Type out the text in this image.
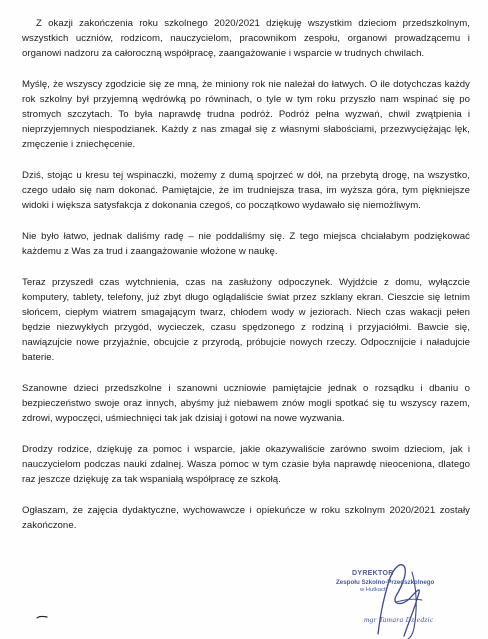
Z okazji zakończenia roku szkolnego 2020/2021 dziękuję wszystkim dzieciom przedszkolnym, wszystkich uczniów, rodzicom, nauczycielom, pracownikom zespołu, organowi prowadzącemu i organowi nadzoru za całoroczną współpracę, zaangażowanie i wsparcie w trudnych chwilach.

Myślę, że wszyscy zgodzicie się ze mną, że miniony rok nie należał do łatwych. O ile dotychczas każdy rok szkolny był przyjemną wędrówką po równinach, o tyle w tym roku przyszło nam wspinać się po stromych szczytach. To była naprawdę trudna podróż. Podróż pełna wyzwań, chwil zwątpienia i nieprzyjemnych niespodzianek. Każdy z nas zmagał się z własnymi słabościami, przezwyciężając lęk, zmęczenie i zniechęcenie.

Dziś, stojąc u kresu tej wspinaczki, możemy z dumą spojrzeć w dół, na przebytą drogę, na wszystko, czego udało się nam dokonać. Pamiętajcie, że im trudniejsza trasa, im wyższa góra, tym piękniejsze widoki i większa satysfakcja z dokonania czegoś, co początkowo wydawało się niemożliwym.

Nie było łatwo, jednak daliśmy radę – nie poddaliśmy się. Z tego miejsca chciałabym podziękować każdemu z Was za trud i zaangażowanie włożone w naukę.

Teraz przyszedł czas wytchnienia, czas na zasłużony odpoczynek. Wyjdźcie z domu, wyłączcie komputery, tablety, telefony, już zbyt długo oglądaliście świat przez szklany ekran. Cieszcie się letnim słońcem, ciepłym wiatrem smagającym twarz, chłodem wody w jeziorach. Niech czas wakacji pełen będzie niezwykłych przygód, wycieczek, czasu spędzonego z rodziną i przyjaciółmi. Bawcie się, nawiązujcie nowe przyjaźnie, obcujcie z przyrodą, próbujcie nowych rzeczy. Odpocznijcie i naładujcie baterie.

Szanowne dzieci przedszkolne i szanowni uczniowie pamiętajcie jednak o rozsądku i dbaniu o bezpieczeństwo swoje oraz innych, abyśmy już niebawem znów mogli spotkać się tu wszyscy razem, zdrowi, wypoczęci, uśmiechnięci tak jak dzisiaj i gotowi na nowe wyzwania.

Drodzy rodzice, dziękuję za pomoc i wsparcie, jakie okazywaliście zarówno swoim dzieciom, jak i nauczycielom podczas nauki zdalnej. Wasza pomoc w tym czasie była naprawdę nieoceniona, dlatego raz jeszcze dziękuję za tak wspaniałą współpracę ze szkołą.

Ogłaszam, że zajęcia dydaktyczne, wychowawcze i opiekuńcze w roku szkolnym 2020/2021 zostały zakończone.

DYREKTOR
Zespołu Szkolno-Przedszkolnego
w Hutkach
mgr Tamara Dziedzic
